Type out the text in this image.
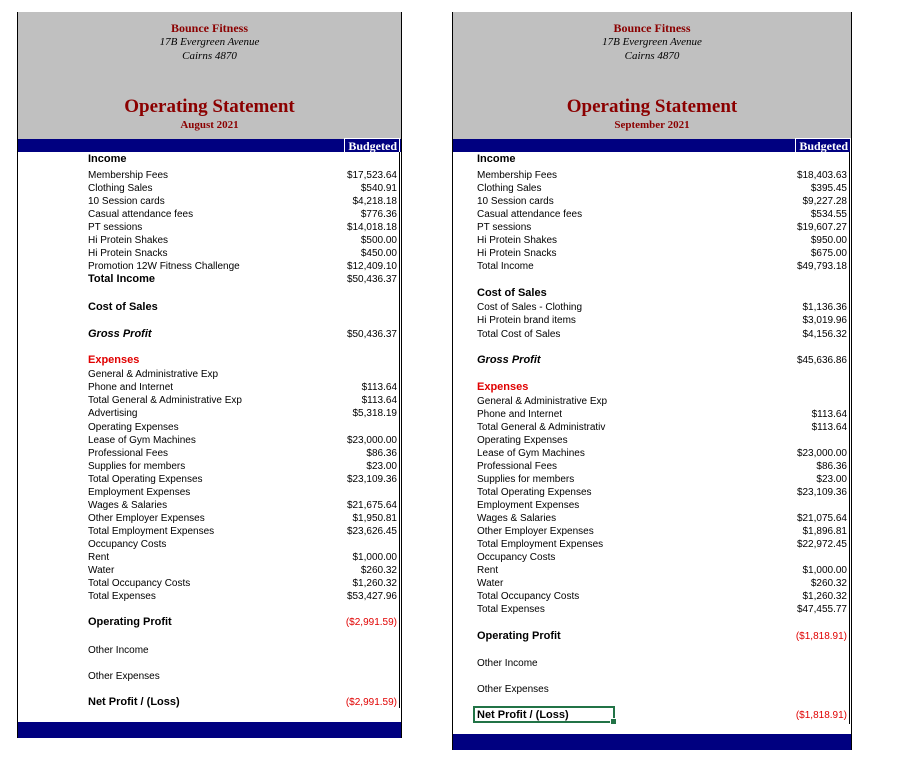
Bounce Fitness
17B Evergreen Avenue
Cairns 4870
Operating Statement
August 2021
Budgeted
Income
Membership Fees	$17,523.64
Clothing Sales	$540.91
10 Session cards	$4,218.18
Casual attendance fees	$776.36
PT sessions	$14,018.18
Hi Protein Shakes	$500.00
Hi Protein Snacks	$450.00
Promotion 12W Fitness Challenge	$12,409.10
Total Income	$50,436.37
Cost of Sales
Gross Profit	$50,436.37
Expenses
General & Administrative Exp
Phone and Internet	$113.64
Total General & Administrative Exp	$113.64
Advertising	$5,318.19
Operating Expenses
Lease of Gym Machines	$23,000.00
Professional Fees	$86.36
Supplies for members	$23.00
Total Operating Expenses	$23,109.36
Employment Expenses
Wages & Salaries	$21,675.64
Other Employer Expenses	$1,950.81
Total Employment Expenses	$23,626.45
Occupancy Costs
Rent	$1,000.00
Water	$260.32
Total Occupancy Costs	$1,260.32
Total Expenses	$53,427.96
Operating Profit	($2,991.59)
Other Income
Other Expenses
Net Profit / (Loss)	($2,991.59)
Bounce Fitness
17B Evergreen Avenue
Cairns 4870
Operating Statement
September 2021
Budgeted
Income
Membership Fees	$18,403.63
Clothing Sales	$395.45
10 Session cards	$9,227.28
Casual attendance fees	$534.55
PT sessions	$19,607.27
Hi Protein Shakes	$950.00
Hi Protein Snacks	$675.00
Total Income	$49,793.18
Cost of Sales
Cost of Sales - Clothing	$1,136.36
Hi Protein brand items	$3,019.96
Total Cost of Sales	$4,156.32
Gross Profit	$45,636.86
Expenses
General & Administrative Exp
Phone and Internet	$113.64
Total General & Administrativ	$113.64
Operating Expenses
Lease of Gym Machines	$23,000.00
Professional Fees	$86.36
Supplies for members	$23.00
Total Operating Expenses	$23,109.36
Employment Expenses
Wages & Salaries	$21,075.64
Other Employer Expenses	$1,896.81
Total Employment Expenses	$22,972.45
Occupancy Costs
Rent	$1,000.00
Water	$260.32
Total Occupancy Costs	$1,260.32
Total Expenses	$47,455.77
Operating Profit	($1,818.91)
Other Income
Other Expenses
Net Profit / (Loss)	($1,818.91)
